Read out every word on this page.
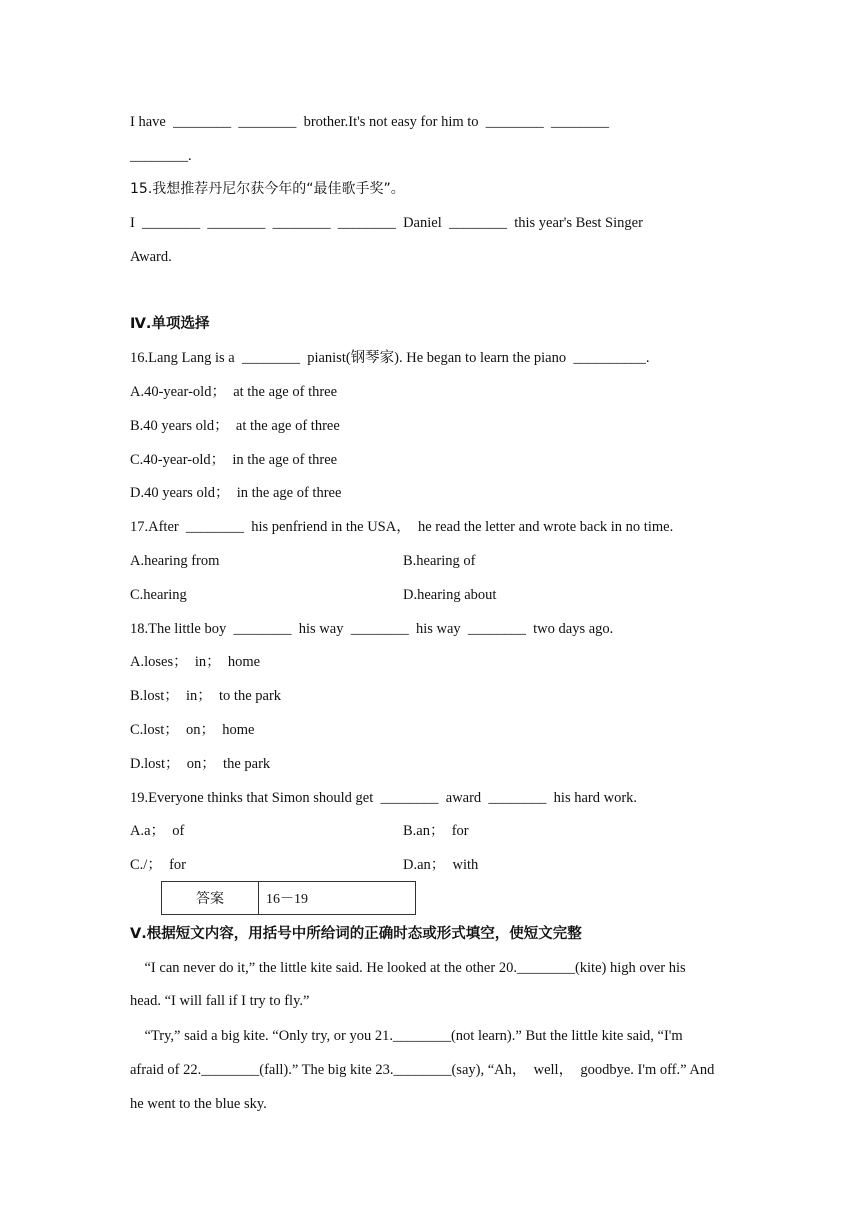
I have  ________  ________  brother.It's not easy for him to  ________  ________
________.
15.我想推荐丹尼尔获今年的“最佳歌手奖”。
I  ________  ________  ________  ________  Daniel  ________  this year's Best Singer
Award.
Ⅳ.单项选择
16.Lang Lang is a  ________  pianist(钢琴家). He began to learn the piano  __________.
A.40-year-old；  at the age of three
B.40 years old；  at the age of three
C.40-year-old；  in the age of three
D.40 years old；  in the age of three
17.After  ________  his penfriend in the USA，  he read the letter and wrote back in no time.
A.hearing from	B.hearing of
C.hearing	D.hearing about
18.The little boy  ________  his way  ________  his way  ________  two days ago.
A.loses；  in；  home
B.lost；  in；  to the park
C.lost；  on；  home
D.lost；  on；  the park
19.Everyone thinks that Simon should get  ________  award  ________  his hard work.
A.a；  of	B.an；  for
C./；  for	D.an；  with
答案	16－19
Ⅴ.根据短文内容，用括号中所给词的正确时态或形式填空，使短文完整
“I can never do it,” the little kite said. He looked at the other 20.________(kite) high over his
head. “I will fall if I try to fly.”
“Try,” said a big kite. “Only try, or you 21.________(not learn).” But the little kite said, “I'm
afraid of 22.________(fall).” The big kite 23.________(say), “Ah，  well，  goodbye. I'm off.” And
he went to the blue sky.
